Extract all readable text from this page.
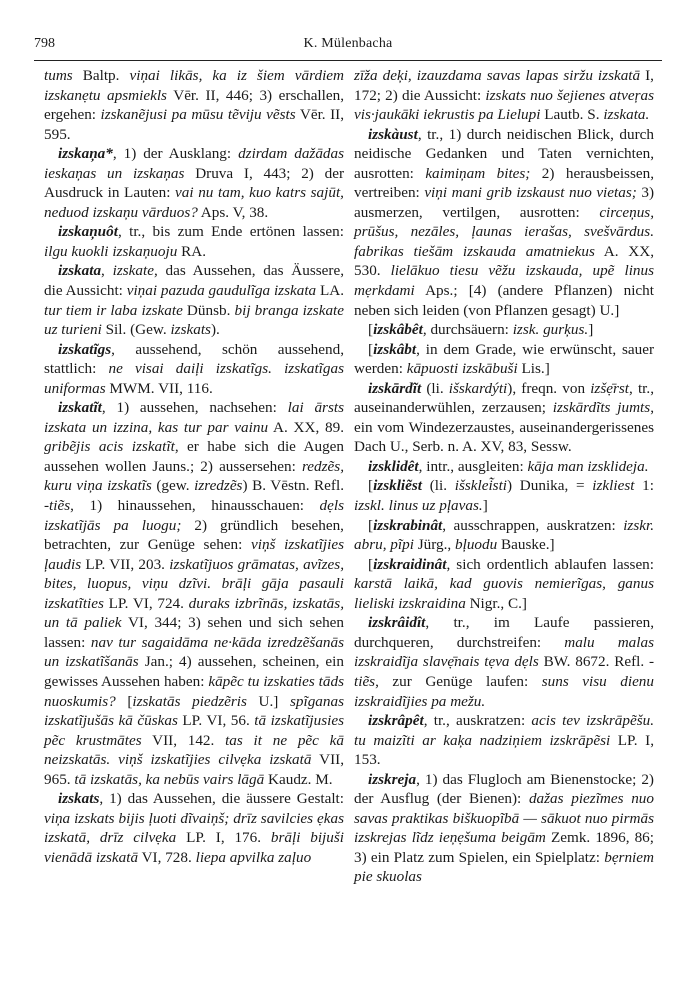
798	K. Mülenbacha

tums Baltp. viņai likās, ka iz šiem vārdiem izskanẹtu apsmiekls Vēr. II, 446; 3) erschallen, ergehen: izskanẽjusi pa mūsu tẽviju vẽsts Vēr. II, 595.

izskaņa*, 1) der Ausklang: dzirdam dažādas ieskaņas un izskaņas Druva I, 443; 2) der Ausdruck in Lauten: vai nu tam, kuo katrs sajūt, neduod izskaņu vārduos? Aps. V, 38.

izskaņuôt, tr., bis zum Ende ertönen lassen: ilgu kuokli izskaņuoju RA.

izskata, izskate, das Aussehen, das Äussere, die Aussicht: viņai pazuda gaudulĩga izskata LA. tur tiem ir laba izskate Dünsb. bij branga izskate uz turieni Sil. (Gew. izskats).

izskatĩgs, aussehend, schön aussehend, stattlich: ne visai daiļi izskatĩgs. izskatĩgas uniformas MWM. VII, 116.

izskatĩt, 1) aussehen, nachsehen: lai ārsts izskata un izzina, kas tur par vainu A. XX, 89. gribẽjis acis izskatĩt, er habe sich die Augen aussehen wollen Jauns.; 2) aussersehen: redzẽs, kuru viņa izskatĩs (gew. izredzẽs) B. Vēstn. Refl. -tiẽs, 1) hinaussehen, hinausschauen: dẹls izskatĩjās pa luogu; 2) gründlich besehen, betrachten, zur Genüge sehen: viņš izskatĩjies ļaudis LP. VII, 203. izskatĩjuos grāmatas, avĩzes, bites, luopus, viņu dzĩvi. brāļi gāja pasauli izskatĩties LP. VI, 724. duraks izbrĩnās, izskatās, un tā paliek VI, 344; 3) sehen und sich sehen lassen: nav tur sagaidāma ne·kāda izredzẽšanās un izskatĩšanās Jan.; 4) aussehen, scheinen, ein gewisses Aussehen haben: kāpẽc tu izskaties tāds nuoskumis? [izskatās piedzẽris U.] spĩganas izskatĩjušās kā čūskas LP. VI, 56. tā izskatĩjusies pẽc krustmātes VII, 142. tas it ne pẽc kā neizskatās. viņš izskatĩjies cilvẹka izskatā VII, 965. tā izskatās, ka nebūs vairs lāgā Kaudz. M.

izskats, 1) das Aussehen, die äussere Gestalt: viņa izskats bijis ļuoti dĩvaiņš; drīz savilcies ẹkas izskatā, drīz cilvẹka LP. I, 176. brāļi bijuši vienādā izskatā VI, 728. liepa apvilka zaļuo

zīža deķi, izauzdama savas lapas siržu izskatā I, 172; 2) die Aussicht: izskats nuo šejienes atveŗas vis·jaukāki iekrustis pa Lielupi Lautb. S. izskata.

izskàust, tr., 1) durch neidischen Blick, durch neidische Gedanken und Taten vernichten, ausrotten: kaimiņam bites; 2) herausbeissen, vertreiben: viņi mani grib izskaust nuo vietas; 3) ausmerzen, vertilgen, ausrotten: circeņus, prūšus, nezāles, ļaunas ierašas, svešvārdus. fabrikas tiešām izskauda amatniekus A. XX, 530. lielākuo tiesu vẽžu izskauda, upẽ linus mẹrkdami Aps.; [4) (andere Pflanzen) nicht neben sich leiden (von Pflanzen gesagt) U.]

[izskâbêt, durchsäuern: izsk. gurķus.]

[izskâbt, in dem Grade, wie erwünscht, sauer werden: kāpuosti izskābuši Lis.]

izskārdĩt (li. išskardýti), freqn. von izšẹ̄rst, tr., auseinanderwühlen, zerzausen; izskārdĩts jumts, ein vom Windezerzaustes, auseinandergerissenes Dach U., Serb. n. A. XV, 83, Sessw.

izsklidêt, intr., ausgleiten: kāja man izsklideja.

[izskliẽst (li. išsklei̇̃sti) Dunika, = izkliest 1: izskl. linus uz pļavas.]

[izskrabinât, ausschrappen, auskratzen: izskr. abru, pĩpi Jürg., bļuodu Bauske.]

[izskraidinât, sich ordentlich ablaufen lassen: karstā laikā, kad guovis nemierĩgas, ganus lieliski izskraidina Nigr., C.]

izskrâidît, tr., im Laufe passieren, durchqueren, durchstreifen: malu malas izskraidĩja slavẹ̄nais tẹva dẹls BW. 8672. Refl. -tiẽs, zur Genüge laufen: suns visu dienu izskraidĩjies pa mežu.

izskrâpêt, tr., auskratzen: acis tev izskrāpẽšu. tu maizĩti ar kaķa nadziņiem izskrāpẽsi LP. I, 153.

izskreja, 1) das Flugloch am Bienenstocke; 2) der Ausflug (der Bienen): dažas piezĩmes nuo savas praktikas biškuopĩbā — sākuot nuo pirmās izskrejas lĩdz ieņẹšuma beigām Zemk. 1896, 86; 3) ein Platz zum Spielen, ein Spielplatz: bẹrniem pie skuolas
